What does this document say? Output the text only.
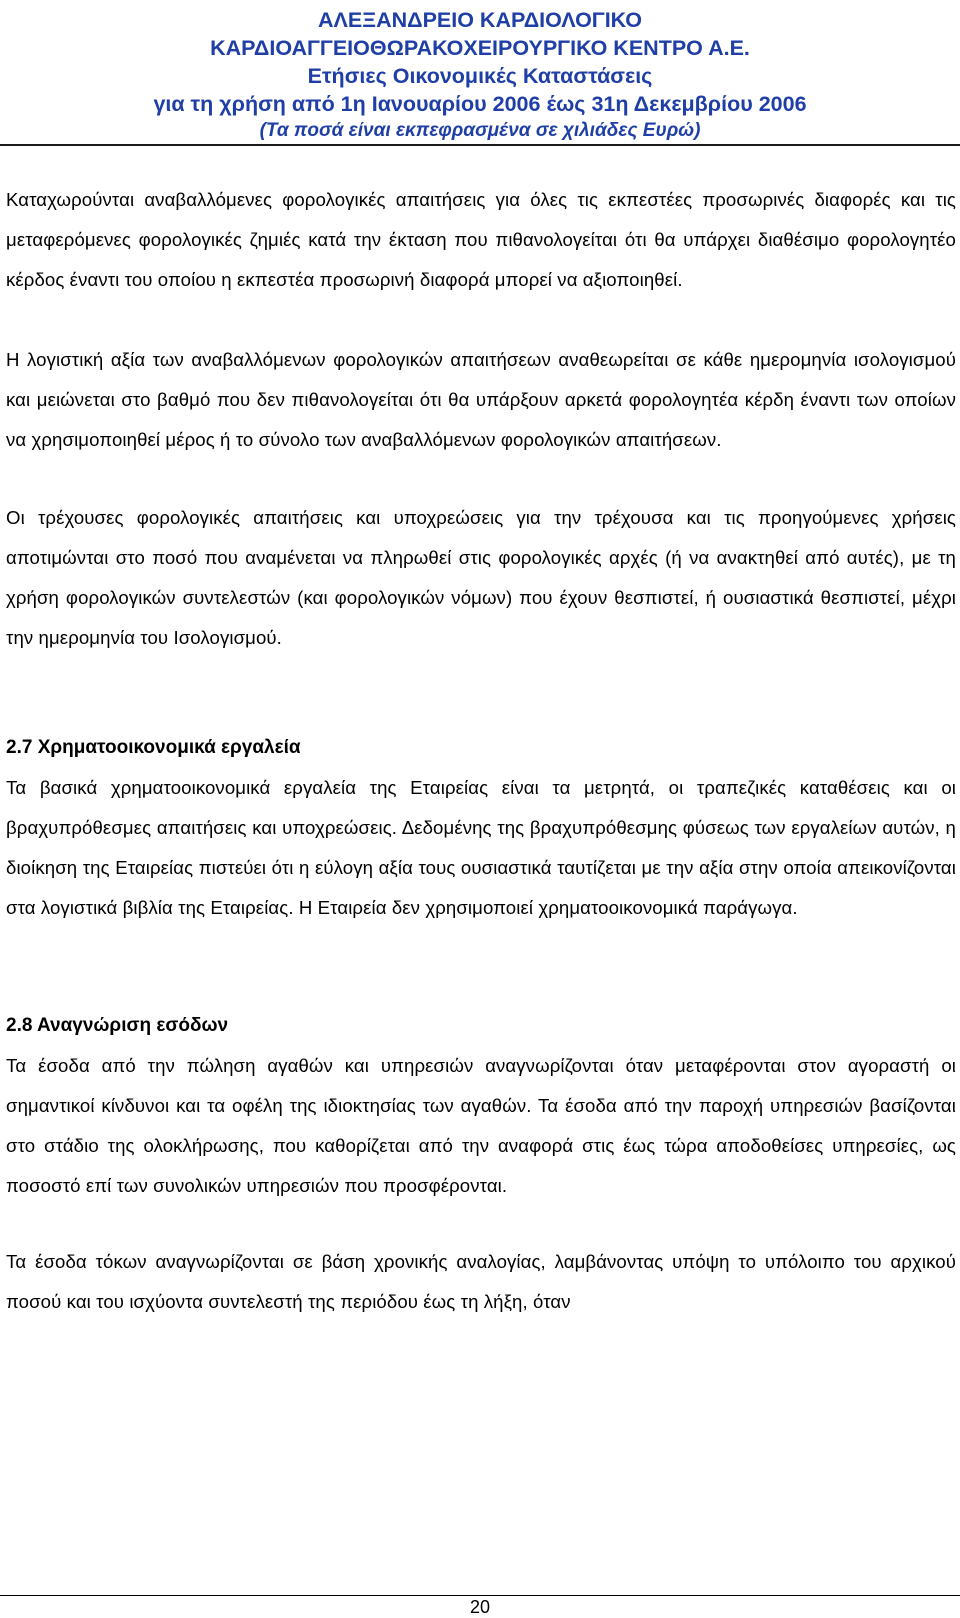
ΑΛΕΞΑΝΔΡΕΙΟ ΚΑΡΔΙΟΛΟΓΙΚΟ
ΚΑΡΔΙΟΑΓΓΕΙΟΘΩΡΑΚΟΧΕΙΡΟΥΡΓΙΚΟ ΚΕΝΤΡΟ Α.Ε.
Ετήσιες Οικονομικές Καταστάσεις
για τη χρήση από 1η Ιανουαρίου 2006 έως 31η Δεκεμβρίου 2006
(Τα ποσά είναι εκπεφρασμένα σε χιλιάδες Ευρώ)

Καταχωρούνται αναβαλλόμενες φορολογικές απαιτήσεις για όλες τις εκπεστέες προσωρινές διαφορές και τις μεταφερόμενες φορολογικές ζημιές κατά την έκταση που πιθανολογείται ότι θα υπάρχει διαθέσιμο φορολογητέο κέρδος έναντι του οποίου η εκπεστέα προσωρινή διαφορά μπορεί να αξιοποιηθεί.

Η λογιστική αξία των αναβαλλόμενων φορολογικών απαιτήσεων αναθεωρείται σε κάθε ημερομηνία ισολογισμού και μειώνεται στο βαθμό που δεν πιθανολογείται ότι θα υπάρξουν αρκετά φορολογητέα κέρδη έναντι των οποίων να χρησιμοποιηθεί μέρος ή το σύνολο των αναβαλλόμενων φορολογικών απαιτήσεων.

Οι τρέχουσες φορολογικές απαιτήσεις και υποχρεώσεις για την τρέχουσα και τις προηγούμενες χρήσεις αποτιμώνται στο ποσό που αναμένεται να πληρωθεί στις φορολογικές αρχές (ή να ανακτηθεί από αυτές), με τη χρήση φορολογικών συντελεστών (και φορολογικών νόμων) που έχουν θεσπιστεί, ή ουσιαστικά θεσπιστεί, μέχρι την ημερομηνία του Ισολογισμού.

2.7 Χρηματοοικονομικά εργαλεία

Τα βασικά χρηματοοικονομικά εργαλεία της Εταιρείας είναι τα μετρητά, οι τραπεζικές καταθέσεις και οι βραχυπρόθεσμες απαιτήσεις και υποχρεώσεις. Δεδομένης της βραχυπρόθεσμης φύσεως των εργαλείων αυτών, η διοίκηση της Εταιρείας πιστεύει ότι η εύλογη αξία τους ουσιαστικά ταυτίζεται με την αξία στην οποία απεικονίζονται στα λογιστικά βιβλία της Εταιρείας. Η Εταιρεία δεν χρησιμοποιεί χρηματοοικονομικά παράγωγα.

2.8 Αναγνώριση εσόδων

Τα έσοδα από την πώληση αγαθών και υπηρεσιών αναγνωρίζονται όταν μεταφέρονται στον αγοραστή οι σημαντικοί κίνδυνοι και τα οφέλη της ιδιοκτησίας των αγαθών. Τα έσοδα από την παροχή υπηρεσιών βασίζονται στο στάδιο της ολοκλήρωσης, που καθορίζεται από την αναφορά στις έως τώρα αποδοθείσες υπηρεσίες, ως ποσοστό επί των συνολικών υπηρεσιών που προσφέρονται.

Τα έσοδα τόκων αναγνωρίζονται σε βάση χρονικής αναλογίας, λαμβάνοντας υπόψη το υπόλοιπο του αρχικού ποσού και του ισχύοντα συντελεστή της περιόδου έως τη λήξη, όταν

20
